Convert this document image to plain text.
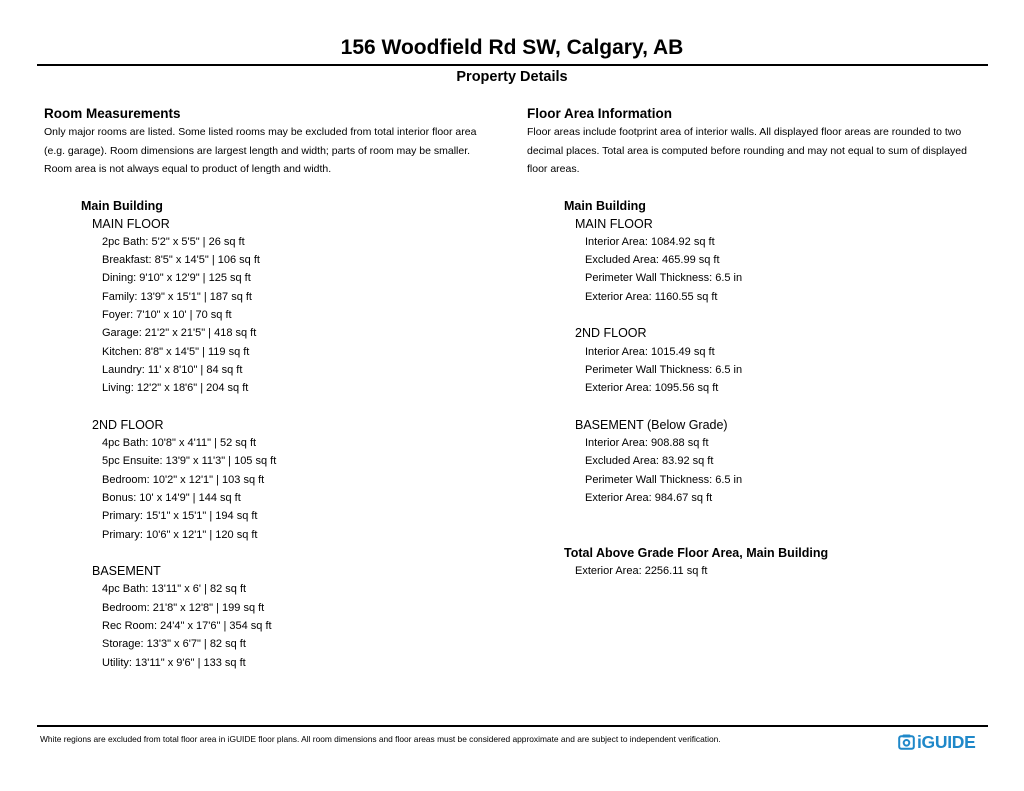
156 Woodfield Rd SW, Calgary, AB
Property Details
Room Measurements
Only major rooms are listed. Some listed rooms may be excluded from total interior floor area
(e.g. garage). Room dimensions are largest length and width; parts of room may be smaller.
Room area is not always equal to product of length and width.
Main Building
MAIN FLOOR
2pc Bath: 5'2" x 5'5" | 26 sq ft
Breakfast: 8'5" x 14'5" | 106 sq ft
Dining: 9'10" x 12'9" | 125 sq ft
Family: 13'9" x 15'1" | 187 sq ft
Foyer: 7'10" x 10' | 70 sq ft
Garage: 21'2" x 21'5" | 418 sq ft
Kitchen: 8'8" x 14'5" | 119 sq ft
Laundry: 11' x 8'10" | 84 sq ft
Living: 12'2" x 18'6" | 204 sq ft
2ND FLOOR
4pc Bath: 10'8" x 4'11" | 52 sq ft
5pc Ensuite: 13'9" x 11'3" | 105 sq ft
Bedroom: 10'2" x 12'1" | 103 sq ft
Bonus: 10' x 14'9" | 144 sq ft
Primary: 15'1" x 15'1" | 194 sq ft
Primary: 10'6" x 12'1" | 120 sq ft
BASEMENT
4pc Bath: 13'11" x 6' | 82 sq ft
Bedroom: 21'8" x 12'8" | 199 sq ft
Rec Room: 24'4" x 17'6" | 354 sq ft
Storage: 13'3" x 6'7" | 82 sq ft
Utility: 13'11" x 9'6" | 133 sq ft
Floor Area Information
Floor areas include footprint area of interior walls. All displayed floor areas are rounded to two
decimal places. Total area is computed before rounding and may not equal to sum of displayed
floor areas.
Main Building
MAIN FLOOR
Interior Area: 1084.92 sq ft
Excluded Area: 465.99 sq ft
Perimeter Wall Thickness: 6.5 in
Exterior Area: 1160.55 sq ft
2ND FLOOR
Interior Area: 1015.49 sq ft
Perimeter Wall Thickness: 6.5 in
Exterior Area: 1095.56 sq ft
BASEMENT (Below Grade)
Interior Area: 908.88 sq ft
Excluded Area: 83.92 sq ft
Perimeter Wall Thickness: 6.5 in
Exterior Area: 984.67 sq ft
Total Above Grade Floor Area, Main Building
Exterior Area: 2256.11 sq ft
White regions are excluded from total floor area in iGUIDE floor plans. All room dimensions and floor areas must be considered approximate and are subject to independent verification.	iGUIDE
